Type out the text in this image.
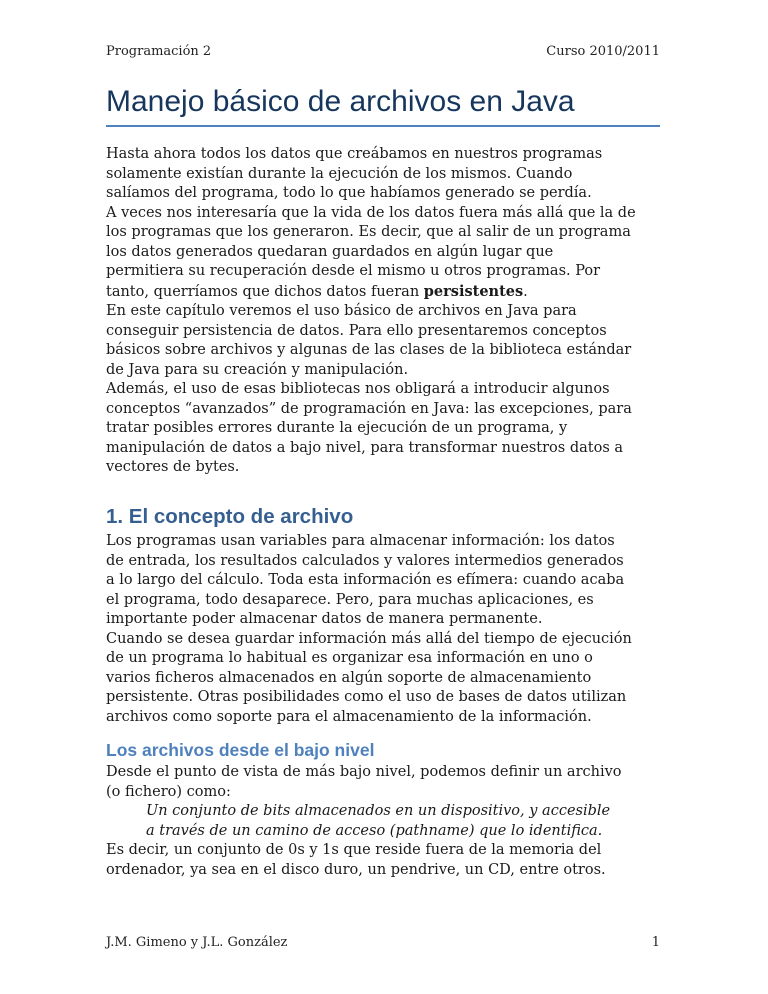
Programación 2	Curso 2010/2011
Manejo básico de archivos en Java
Hasta ahora todos los datos que creábamos en nuestros programas
solamente existían durante la ejecución de los mismos. Cuando
salíamos del programa, todo lo que habíamos generado se perdía.
A veces nos interesaría que la vida de los datos fuera más allá que la de
los programas que los generaron. Es decir, que al salir de un programa
los datos generados quedaran guardados en algún lugar que
permitiera su recuperación desde el mismo u otros programas. Por
tanto, querríamos que dichos datos fueran persistentes.
En este capítulo veremos el uso básico de archivos en Java para
conseguir persistencia de datos. Para ello presentaremos conceptos
básicos sobre archivos y algunas de las clases de la biblioteca estándar
de Java para su creación y manipulación.
Además, el uso de esas bibliotecas nos obligará a introducir algunos
conceptos “avanzados” de programación en Java: las excepciones, para
tratar posibles errores durante la ejecución de un programa, y
manipulación de datos a bajo nivel, para transformar nuestros datos a
vectores de bytes.
1. El concepto de archivo
Los programas usan variables para almacenar información: los datos
de entrada, los resultados calculados y valores intermedios generados
a lo largo del cálculo. Toda esta información es efímera: cuando acaba
el programa, todo desaparece. Pero, para muchas aplicaciones, es
importante poder almacenar datos de manera permanente.
Cuando se desea guardar información más allá del tiempo de ejecución
de un programa lo habitual es organizar esa información en uno o
varios ficheros almacenados en algún soporte de almacenamiento
persistente. Otras posibilidades como el uso de bases de datos utilizan
archivos como soporte para el almacenamiento de la información.
Los archivos desde el bajo nivel
Desde el punto de vista de más bajo nivel, podemos definir un archivo
(o fichero) como:
Un conjunto de bits almacenados en un dispositivo, y accesible
a través de un camino de acceso (pathname) que lo identifica.
Es decir, un conjunto de 0s y 1s que reside fuera de la memoria del
ordenador, ya sea en el disco duro, un pendrive, un CD, entre otros.
J.M. Gimeno y J.L. González	1
